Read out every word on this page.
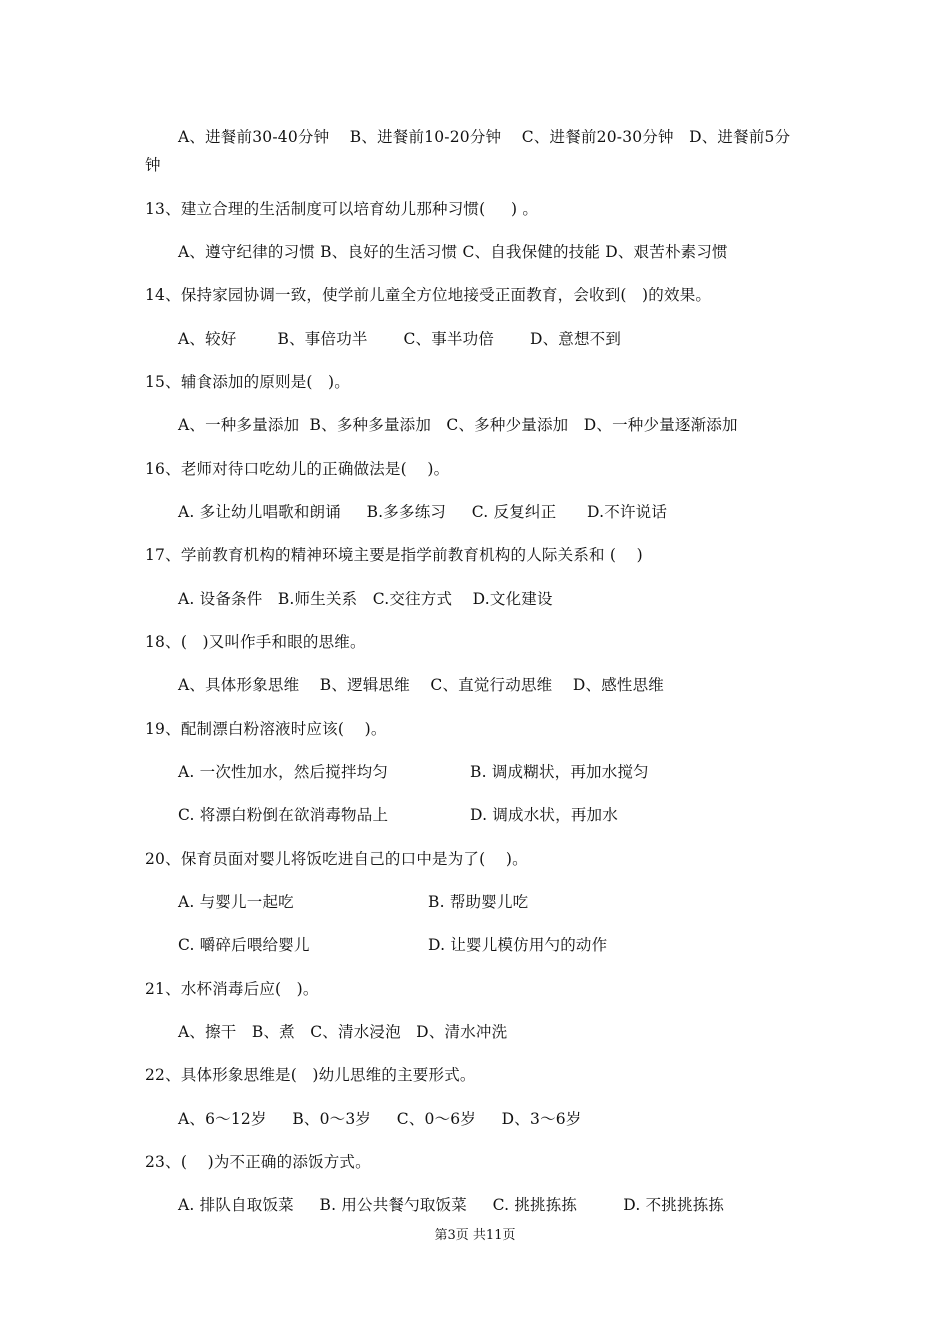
A、进餐前30-40分钟    B、进餐前10-20分钟    C、进餐前20-30分钟   D、进餐前5分
钟
13、建立合理的生活制度可以培育幼儿那种习惯(     ) 。
A、遵守纪律的习惯 B、良好的生活习惯 C、自我保健的技能 D、艰苦朴素习惯
14、保持家园协调一致，使学前儿童全方位地接受正面教育，会收到(   )的效果。
A、较好        B、事倍功半       C、事半功倍       D、意想不到
15、辅食添加的原则是(   )。
A、一种多量添加  B、多种多量添加   C、多种少量添加   D、一种少量逐渐添加
16、老师对待口吃幼儿的正确做法是(    )。
A. 多让幼儿唱歌和朗诵     B.多多练习     C. 反复纠正      D.不许说话
17、学前教育机构的精神环境主要是指学前教育机构的人际关系和 (    )
A. 设备条件   B.师生关系   C.交往方式    D.文化建设
18、(   )又叫作手和眼的思维。
A、具体形象思维    B、逻辑思维    C、直觉行动思维    D、感性思维
19、配制漂白粉溶液时应该(    )。
A. 一次性加水，然后搅拌均匀	B. 调成糊状，再加水搅匀
C. 将漂白粉倒在欲消毒物品上	D. 调成水状，再加水
20、保育员面对婴儿将饭吃进自己的口中是为了(    )。
A. 与婴儿一起吃	B. 帮助婴儿吃
C. 嚼碎后喂给婴儿	D. 让婴儿模仿用勺的动作
21、水杯消毒后应(   )。
A、擦干   B、煮   C、清水浸泡   D、清水冲洗
22、具体形象思维是(   )幼儿思维的主要形式。
A、6～12岁     B、0～3岁     C、0～6岁     D、3～6岁
23、(    )为不正确的添饭方式。
A. 排队自取饭菜     B. 用公共餐勺取饭菜     C. 挑挑拣拣         D. 不挑挑拣拣
第3页 共11页
